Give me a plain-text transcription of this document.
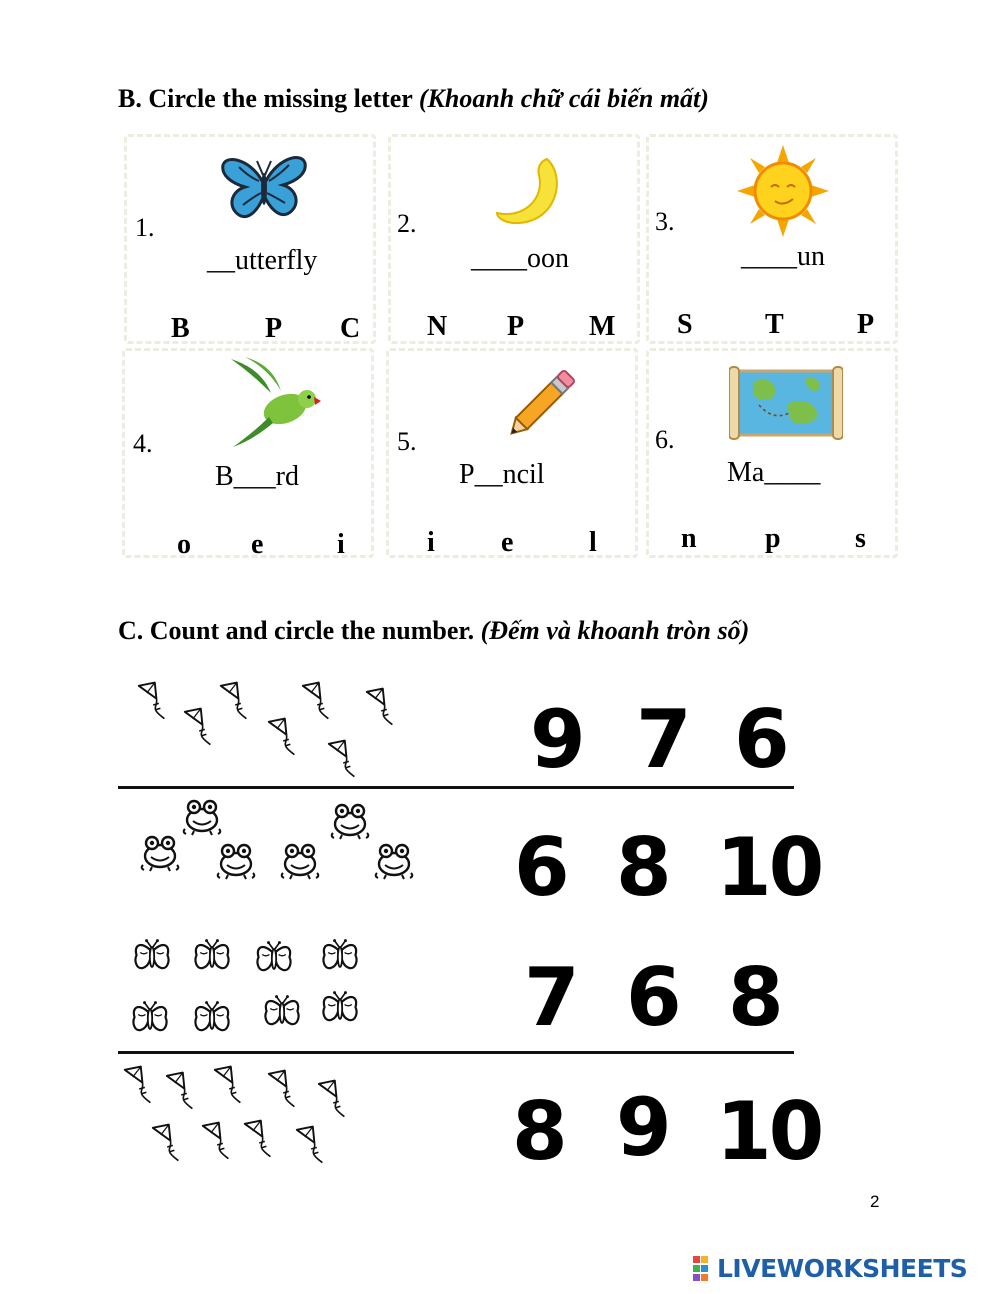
B. Circle the missing letter (Khoanh chữ cái biến mất)
1.
__utterfly
B	P C
2.
____oon
N P M
3.
____un
S	T	P
4.
B___rd
o e	i
5.
P__ncil
i e	l
6.
Ma____
n p	s
C. Count and circle the number. (Đếm và khoanh tròn số)
9 7 6
6 8 10
7 6 8
8 9 10
2
LIVEWORKSHEETS
